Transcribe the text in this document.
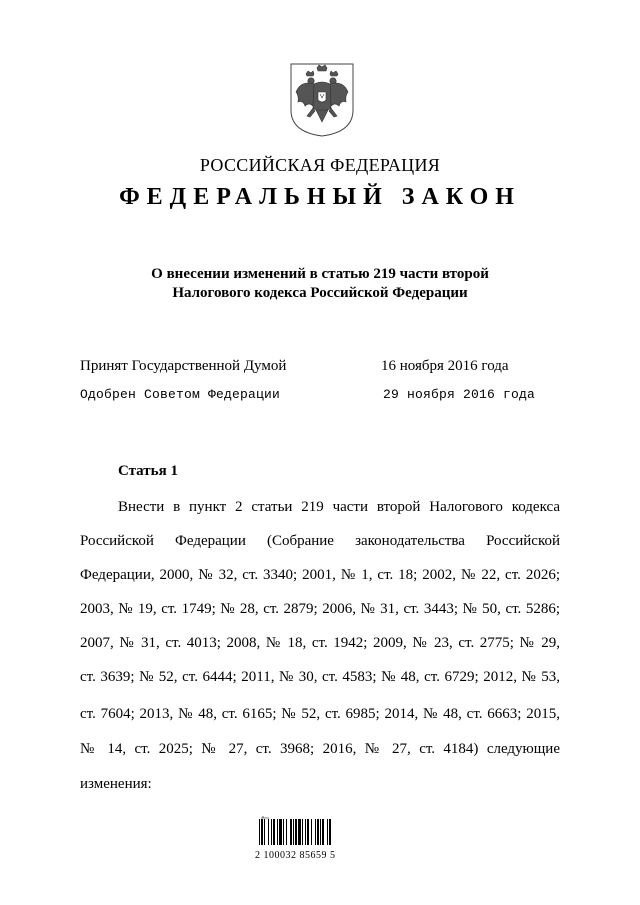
РОССИЙСКАЯ ФЕДЕРАЦИЯ
ФЕДЕРАЛЬНЫЙ ЗАКОН
О внесении изменений в статью 219 части второй
Налогового кодекса Российской Федерации
Принят Государственной Думой	16 ноября 2016 года
Одобрен Советом Федерации	29 ноября 2016 года
Статья 1
Внести в пункт 2 статьи 219 части второй Налогового кодекса
Российской Федерации (Собрание законодательства Российской
Федерации, 2000, № 32, ст. 3340; 2001, № 1, ст. 18; 2002, № 22, ст. 2026;
2003, № 19, ст. 1749; № 28, ст. 2879; 2006, № 31, ст. 3443; № 50, ст. 5286;
2007, № 31, ст. 4013; 2008, № 18, ст. 1942; 2009, № 23, ст. 2775; № 29,
ст. 3639; № 52, ст. 6444; 2011, № 30, ст. 4583; № 48, ст. 6729; 2012, № 53,
ст. 7604; 2013, № 48, ст. 6165; № 52, ст. 6985; 2014, № 48, ст. 6663; 2015,
№ 14, ст. 2025; № 27, ст. 3968; 2016, № 27, ст. 4184) следующие
изменения:
2 100032 85659 5
